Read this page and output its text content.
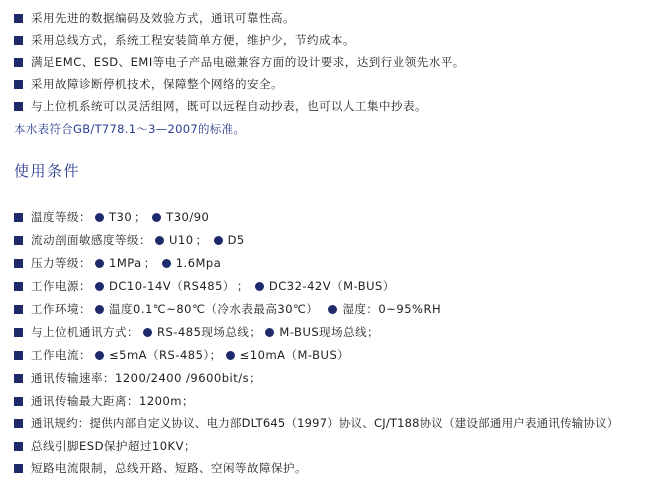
采用先进的数据编码及效验方式，通讯可靠性高。
采用总线方式，系统工程安装简单方便，维护少，节约成本。
满足EMC、ESD、EMI等电子产品电磁兼容方面的设计要求，达到行业领先水平。
采用故障诊断停机技术，保障整个网络的安全。
与上位机系统可以灵活组网，既可以远程自动抄表，也可以人工集中抄表。
本水表符合GB/T778.1～3—2007的标准。
使用条件
温度等级： T30 ； T30/90
流动剖面敏感度等级： U10 ； D5
压力等级： 1MPa ； 1.6Mpa
工作电源： DC10-14V（RS485） ； DC32-42V（M-BUS）
工作环境： 温度0.1℃~80℃（冷水表最高30℃） 湿度：0~95%RH
与上位机通讯方式： RS-485现场总线； M-BUS现场总线；
工作电流： ≤5mA（RS-485）； ≤10mA（M-BUS）
通讯传输速率：1200/2400 /9600bit/s；
通讯传输最大距离：1200m；
通讯规约：提供内部自定义协议、电力部DLT645（1997）协议、CJ/T188协议（建设部通用户表通讯传输协议）
总线引脚ESD保护超过10KV；
短路电流限制，总线开路、短路、空闲等故障保护。
